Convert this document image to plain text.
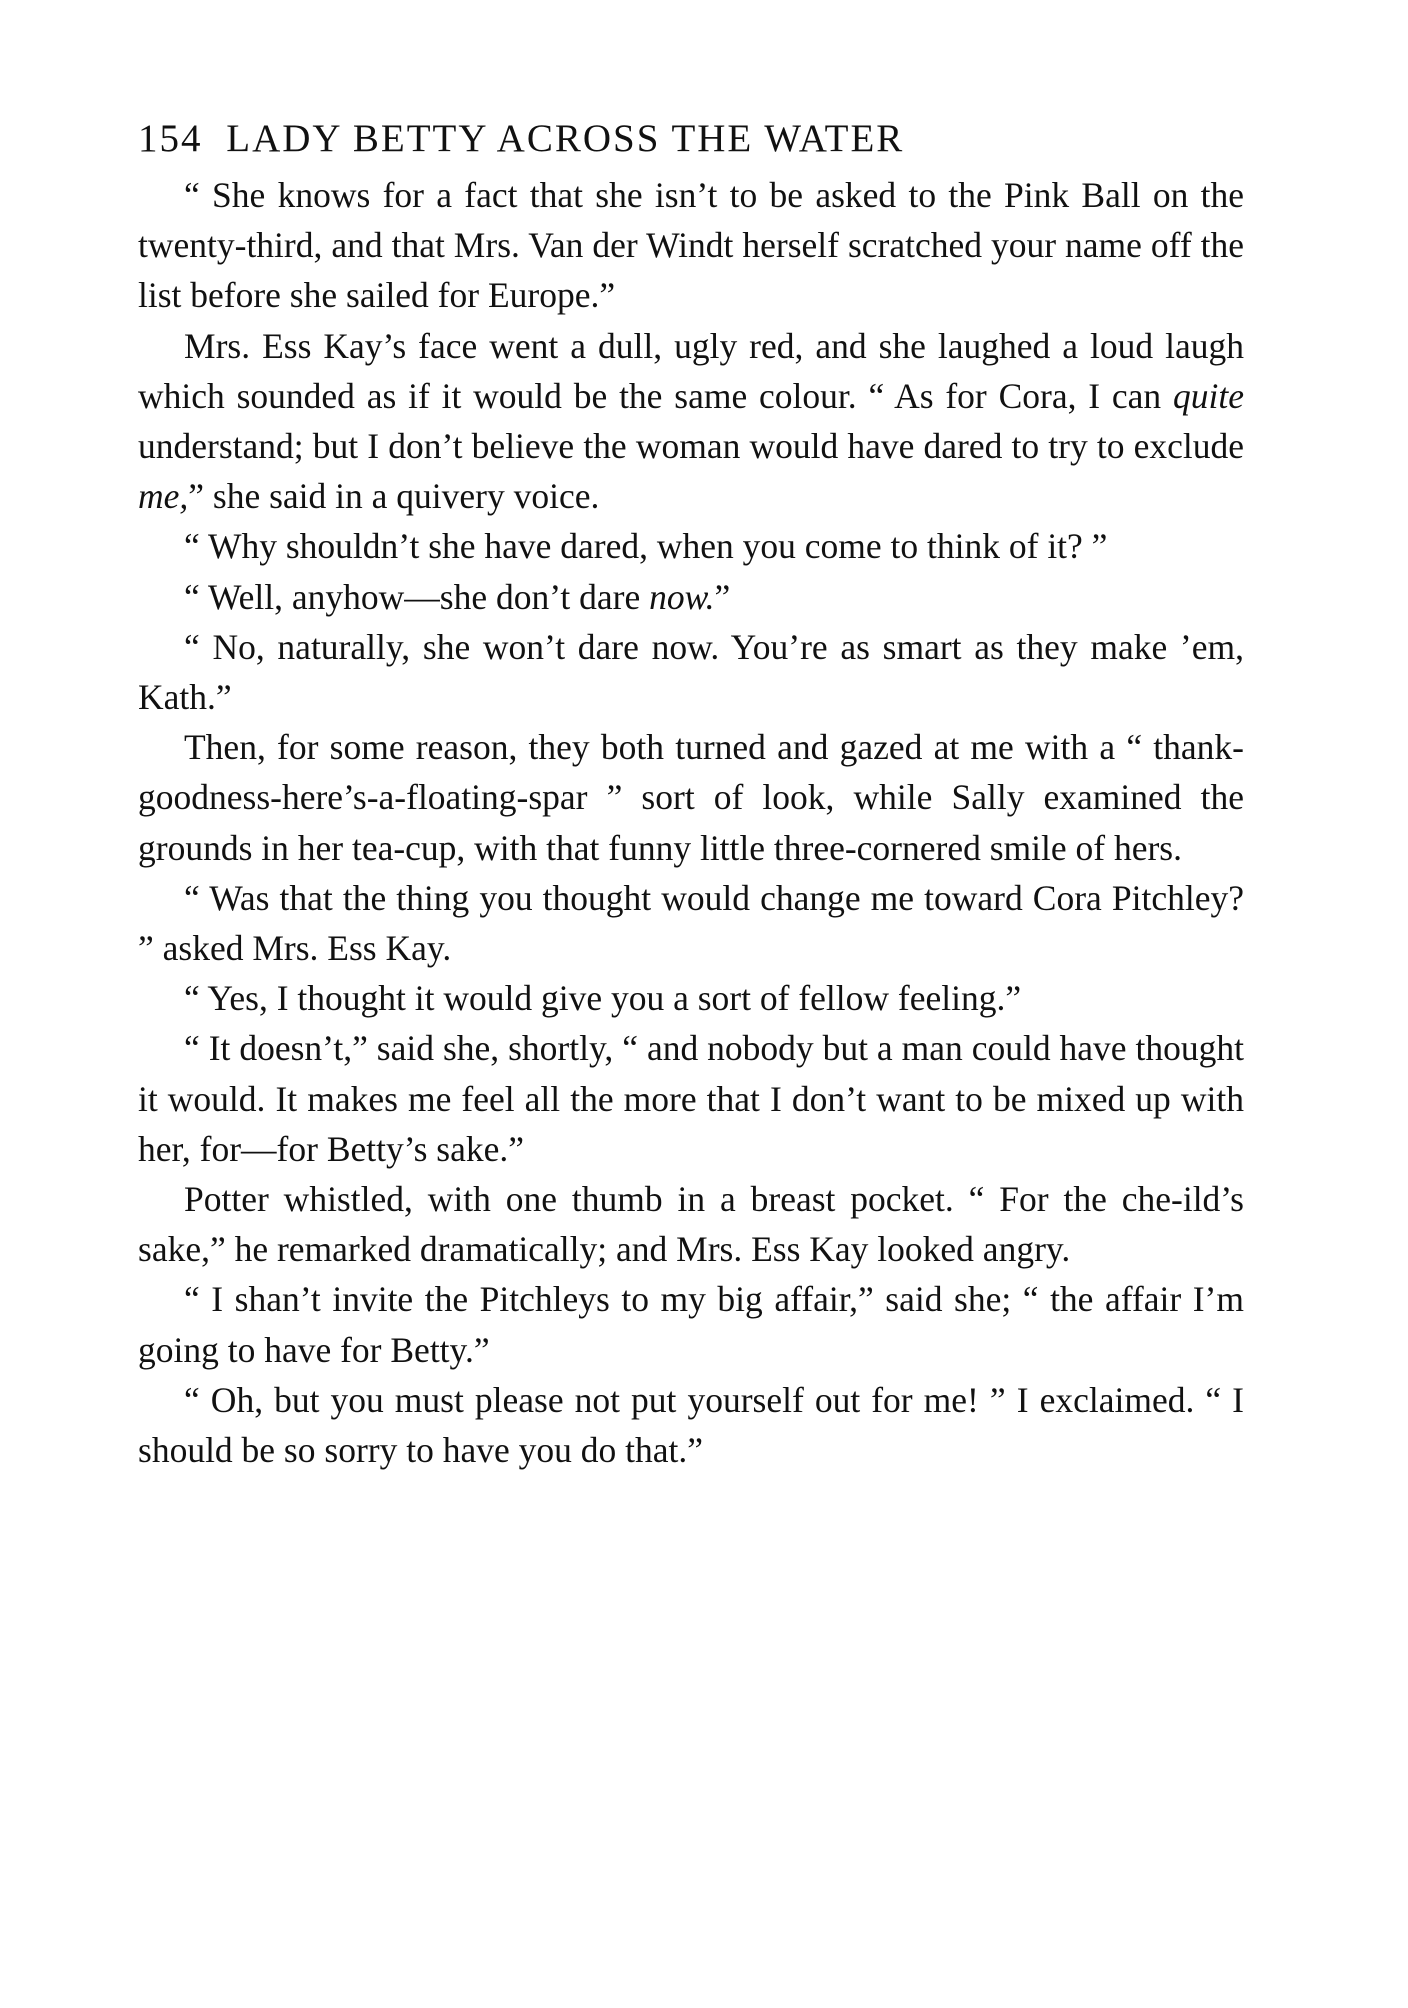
154 LADY BETTY ACROSS THE WATER

“ She knows for a fact that she isn’t to be asked to the Pink Ball on the twenty-third, and that Mrs. Van der Windt herself scratched your name off the list before she sailed for Europe.”

Mrs. Ess Kay’s face went a dull, ugly red, and she laughed a loud laugh which sounded as if it would be the same colour. “ As for Cora, I can quite understand; but I don’t believe the woman would have dared to try to exclude me,” she said in a quivery voice.

“ Why shouldn’t she have dared, when you come to think of it? ”

“ Well, anyhow—she don’t dare now.”

“ No, naturally, she won’t dare now. You’re as smart as they make ’em, Kath.”

Then, for some reason, they both turned and gazed at me with a “ thank-goodness-here’s-a-floating-spar ” sort of look, while Sally examined the grounds in her tea-cup, with that funny little three-cornered smile of hers.

“ Was that the thing you thought would change me toward Cora Pitchley? ” asked Mrs. Ess Kay.

“ Yes, I thought it would give you a sort of fellow feeling.”

“ It doesn’t,” said she, shortly, “ and nobody but a man could have thought it would. It makes me feel all the more that I don’t want to be mixed up with her, for—for Betty’s sake.”

Potter whistled, with one thumb in a breast pocket. “ For the che-ild’s sake,” he remarked dramatically; and Mrs. Ess Kay looked angry.

“ I shan’t invite the Pitchleys to my big affair,” said she; “ the affair I’m going to have for Betty.”

“ Oh, but you must please not put yourself out for me! ” I exclaimed. “ I should be so sorry to have you do that.”
